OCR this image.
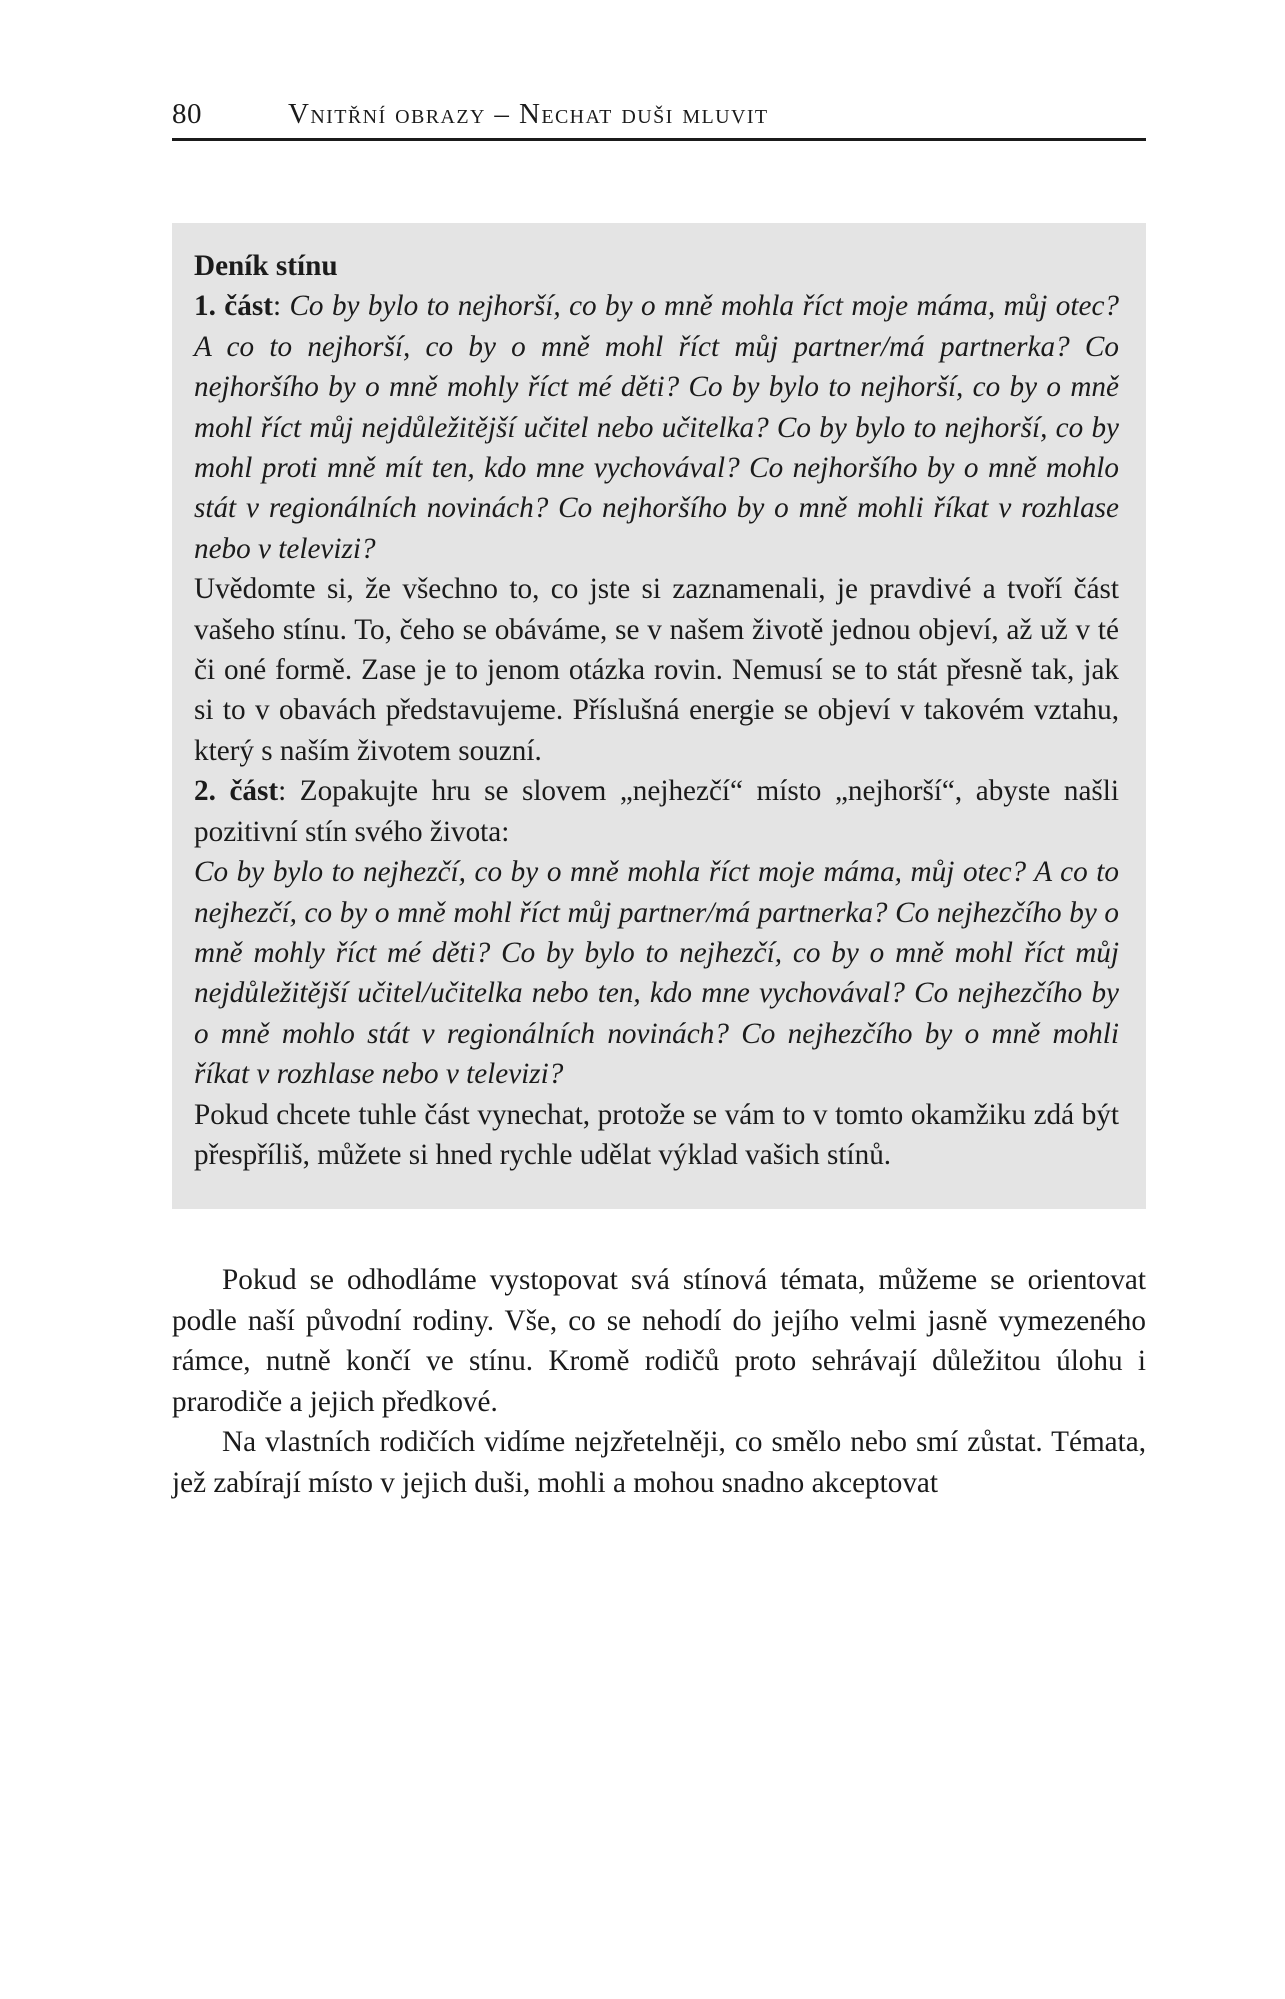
80	Vnitřní obrazy – Nechat duši mluvit

Deník stínu

1. část: Co by bylo to nejhorší, co by o mně mohla říct moje máma, můj otec? A co to nejhorší, co by o mně mohl říct můj partner/má partnerka? Co nejhoršího by o mně mohly říct mé děti? Co by bylo to nejhorší, co by o mně mohl říct můj nejdůležitější učitel nebo učitelka? Co by bylo to nejhorší, co by mohl proti mně mít ten, kdo mne vychovával? Co nejhoršího by o mně mohlo stát v regionálních novinách? Co nejhoršího by o mně mohli říkat v rozhlase nebo v televizi?

Uvědomte si, že všechno to, co jste si zaznamenali, je pravdivé a tvoří část vašeho stínu. To, čeho se obáváme, se v našem životě jednou objeví, až už v té či oné formě. Zase je to jenom otázka rovin. Nemusí se to stát přesně tak, jak si to v obavách představujeme. Příslušná energie se objeví v takovém vztahu, který s naším životem souzní.

2. část: Zopakujte hru se slovem „nejhezčí“ místo „nejhorší“, abyste našli pozitivní stín svého života:

Co by bylo to nejhezčí, co by o mně mohla říct moje máma, můj otec? A co to nejhezčí, co by o mně mohl říct můj partner/má partnerka? Co nejhezčího by o mně mohly říct mé děti? Co by bylo to nejhezčí, co by o mně mohl říct můj nejdůležitější učitel/učitelka nebo ten, kdo mne vychovával? Co nejhezčího by o mně mohlo stát v regionálních novinách? Co nejhezčího by o mně mohli říkat v rozhlase nebo v televizi?

Pokud chcete tuhle část vynechat, protože se vám to v tomto okamžiku zdá být přespříliš, můžete si hned rychle udělat výklad vašich stínů.

Pokud se odhodláme vystopovat svá stínová témata, můžeme se orientovat podle naší původní rodiny. Vše, co se nehodí do jejího velmi jasně vymezeného rámce, nutně končí ve stínu. Kromě rodičů proto sehrávají důležitou úlohu i prarodiče a jejich předkové.

Na vlastních rodičích vidíme nejzřetelněji, co smělo nebo smí zůstat. Témata, jež zabírají místo v jejich duši, mohli a mohou snadno akceptovat
